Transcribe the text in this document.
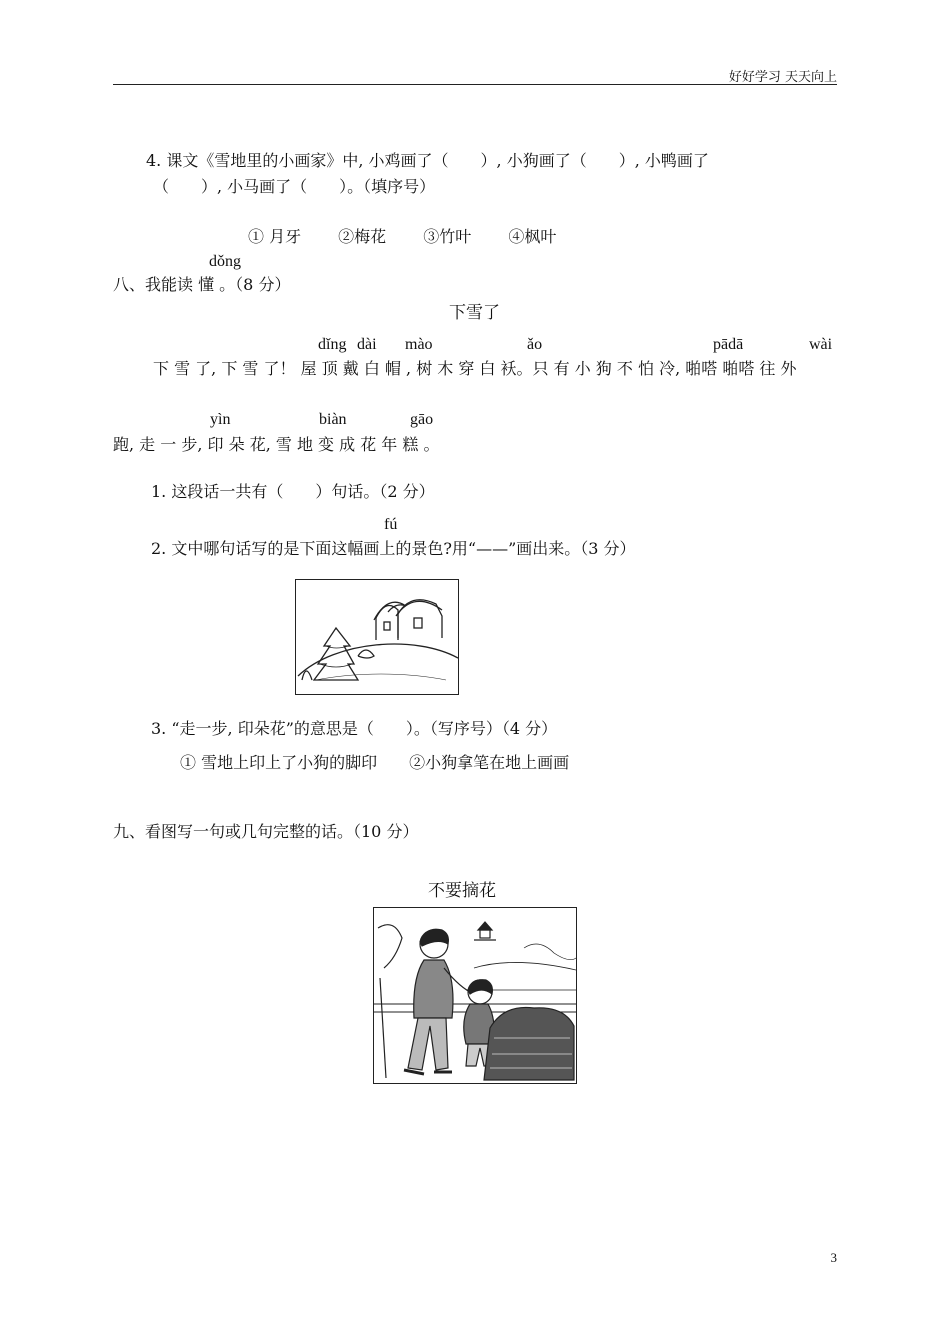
好好学习 天天向上
4. 课文《雪地里的小画家》中, 小鸡画了（　　）, 小狗画了（　　）, 小鸭画了
（　　）, 小马画了（　　）。（填序号）
① 月牙　　 ②梅花　　 ③竹叶　　 ④枫叶
dǒng
八、我能读 懂 。（8 分）
下雪了
dǐng dài mào	ǎo	pādā	wài
下 雪 了, 下 雪 了！ 屋 顶 戴 白 帽 , 树 木 穿 白 袄。只 有 小 狗 不 怕 冷, 啪嗒 啪嗒 往 外
yìn	biàn	gāo
跑, 走 一 步, 印 朵 花, 雪 地 变 成 花 年 糕 。
1. 这段话一共有（　　）句话。（2 分）
fú
2. 文中哪句话写的是下面这幅画上的景色?用“——”画出来。（3 分）
3. “走一步, 印朵花”的意思是（　　）。（写序号）（4 分）
① 雪地上印上了小狗的脚印　　②小狗拿笔在地上画画
九、看图写一句或几句完整的话。（10 分）
不要摘花
3
